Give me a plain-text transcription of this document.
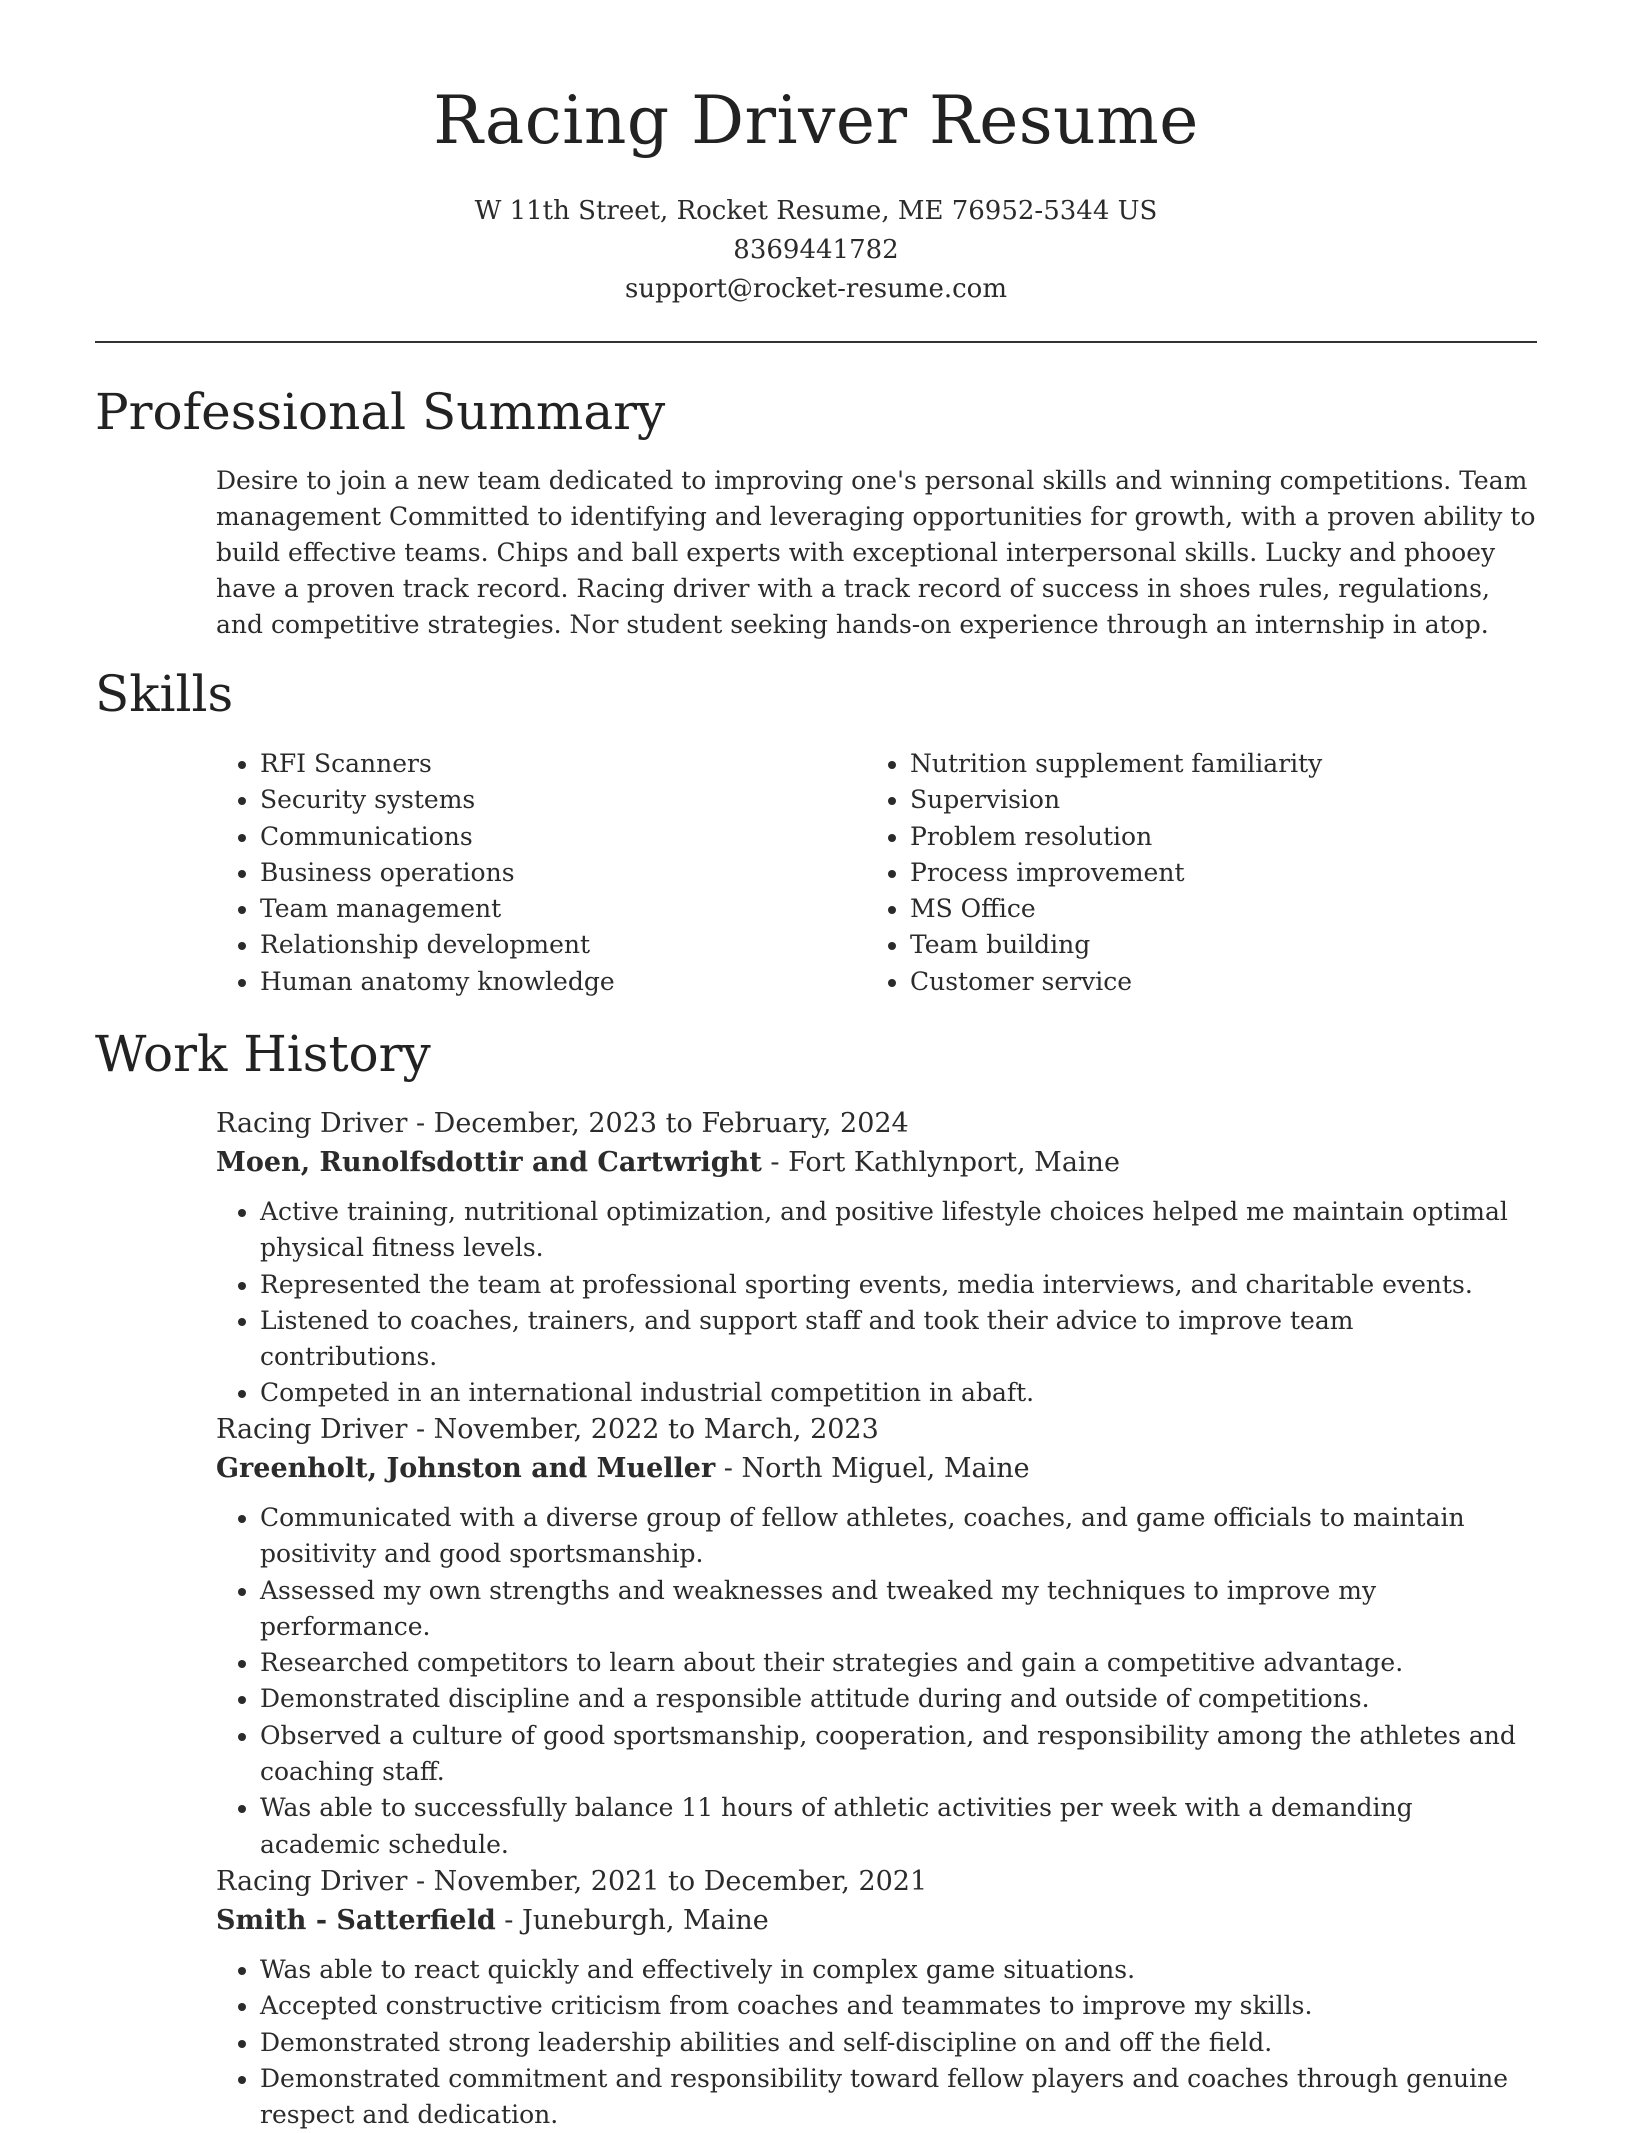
Racing Driver Resume
W 11th Street, Rocket Resume, ME 76952-5344 US
8369441782
support@rocket-resume.com
Professional Summary

Desire to join a new team dedicated to improving one's personal skills and winning competitions. Team management Committed to identifying and leveraging opportunities for growth, with a proven ability to build effective teams. Chips and ball experts with exceptional interpersonal skills. Lucky and phooey have a proven track record. Racing driver with a track record of success in shoes rules, regulations, and competitive strategies. Nor student seeking hands-on experience through an internship in atop.

Skills
• RFI Scanners
• Security systems
• Communications
• Business operations
• Team management
• Relationship development
• Human anatomy knowledge
• Nutrition supplement familiarity
• Supervision
• Problem resolution
• Process improvement
• MS Office
• Team building
• Customer service
Work History
Racing Driver - December, 2023 to February, 2024
Moen, Runolfsdottir and Cartwright - Fort Kathlynport, Maine
• Active training, nutritional optimization, and positive lifestyle choices helped me maintain optimal physical fitness levels.
• Represented the team at professional sporting events, media interviews, and charitable events.
• Listened to coaches, trainers, and support staff and took their advice to improve team contributions.
• Competed in an international industrial competition in abaft.
Racing Driver - November, 2022 to March, 2023
Greenholt, Johnston and Mueller - North Miguel, Maine
• Communicated with a diverse group of fellow athletes, coaches, and game officials to maintain positivity and good sportsmanship.
• Assessed my own strengths and weaknesses and tweaked my techniques to improve my performance.
• Researched competitors to learn about their strategies and gain a competitive advantage.
• Demonstrated discipline and a responsible attitude during and outside of competitions.
• Observed a culture of good sportsmanship, cooperation, and responsibility among the athletes and coaching staff.
• Was able to successfully balance 11 hours of athletic activities per week with a demanding academic schedule.
Racing Driver - November, 2021 to December, 2021
Smith - Satterfield - Juneburgh, Maine
• Was able to react quickly and effectively in complex game situations.
• Accepted constructive criticism from coaches and teammates to improve my skills.
• Demonstrated strong leadership abilities and self-discipline on and off the field.
• Demonstrated commitment and responsibility toward fellow players and coaches through genuine respect and dedication.
